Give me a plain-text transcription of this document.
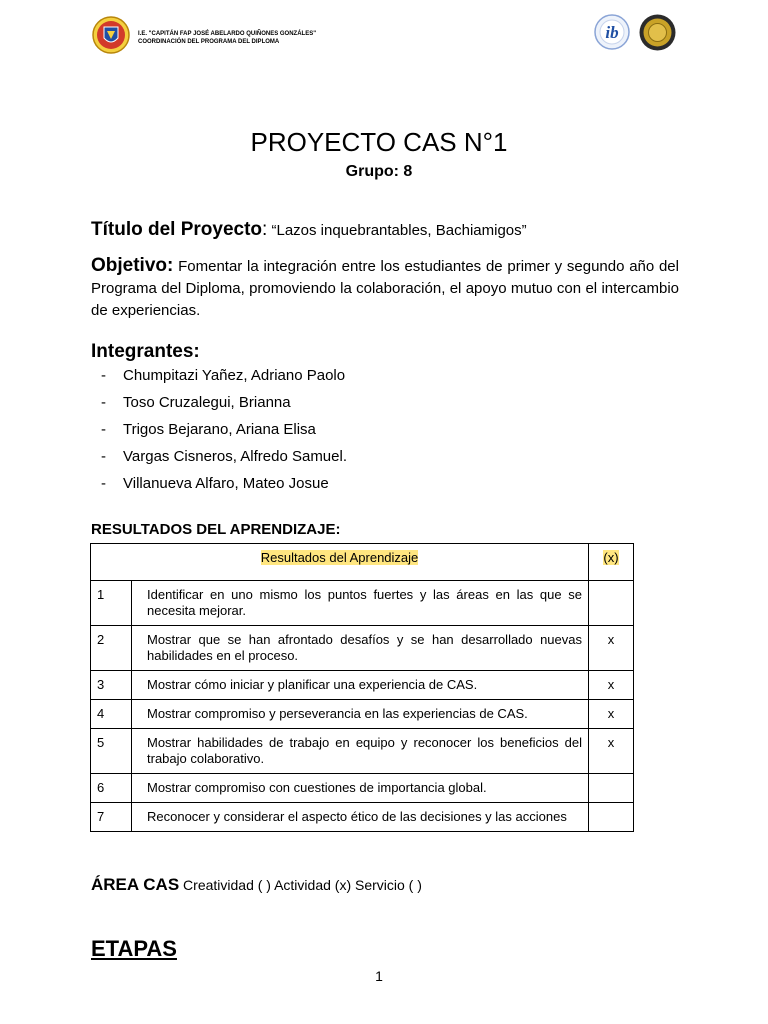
I.E. "CAPITÁN FAP JOSÉ ABELARDO QUIÑONES GONZÁLES"
COORDINACIÓN DEL PROGRAMA DEL DIPLOMA	ib
PROYECTO CAS N°1
Grupo: 8
Título del Proyecto: “Lazos inquebrantables, Bachiamigos”
Objetivo: Fomentar la integración entre los estudiantes de primer y segundo año del Programa del Diploma, promoviendo la colaboración, el apoyo mutuo con el intercambio de experiencias.
Integrantes:
- Chumpitazi Yañez, Adriano Paolo
- Toso Cruzalegui, Brianna
- Trigos Bejarano, Ariana Elisa
- Vargas Cisneros, Alfredo Samuel.
- Villanueva Alfaro, Mateo Josue
RESULTADOS DEL APRENDIZAJE:
Resultados del Aprendizaje		(x)
1	Identificar en uno mismo los puntos fuertes y las áreas en las que se necesita mejorar.	
2	Mostrar que se han afrontado desafíos y se han desarrollado nuevas habilidades en el proceso.	x
3	Mostrar cómo iniciar y planificar una experiencia de CAS.	x
4	Mostrar compromiso y perseverancia en las experiencias de CAS.	x
5	Mostrar habilidades de trabajo en equipo y reconocer los beneficios del trabajo colaborativo.	x
6	Mostrar compromiso con cuestiones de importancia global.	
7	Reconocer y considerar el aspecto ético de las decisiones y las acciones	
ÁREA CAS Creatividad ( ) Actividad (x) Servicio ( )
ETAPAS
1
